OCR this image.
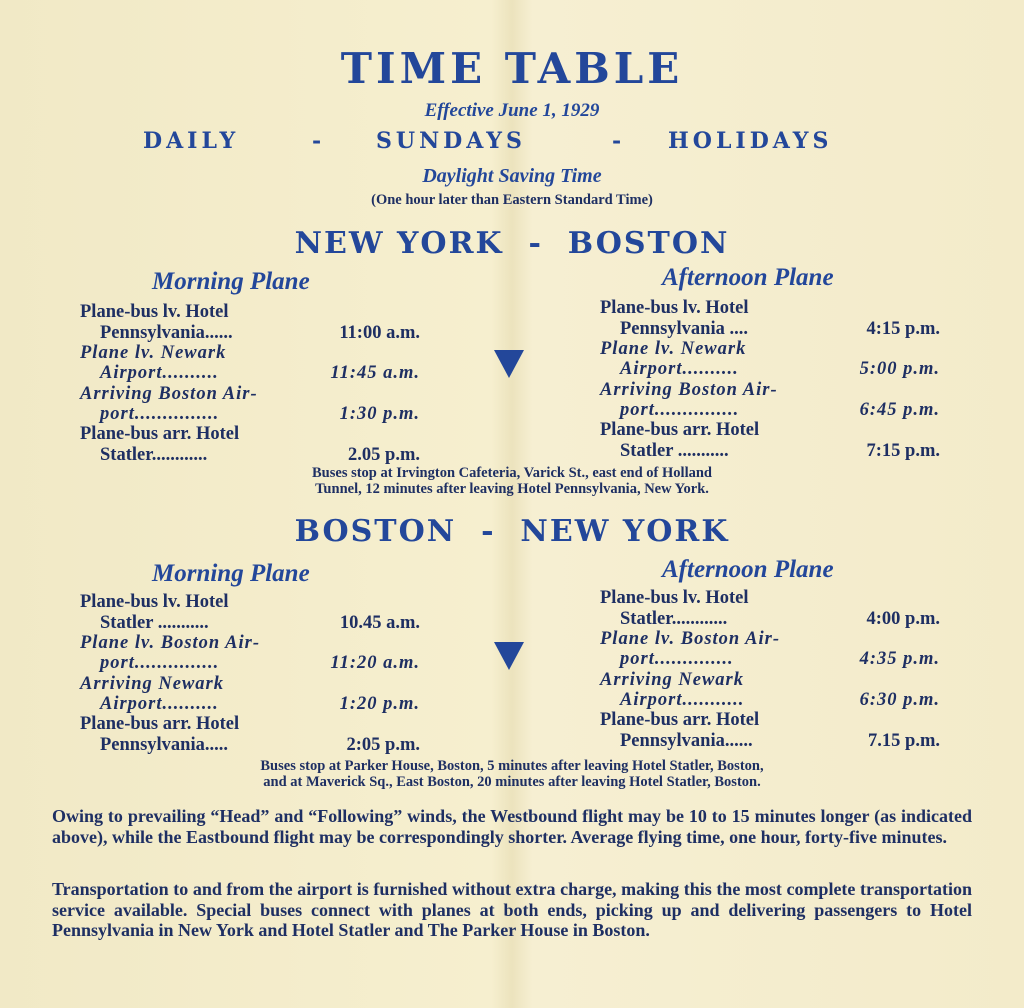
TIME TABLE
Effective June 1, 1929
DAILY	- SUNDAYS	- HOLIDAYS
Daylight Saving Time
(One hour later than Eastern Standard Time)
NEW YORK  -  BOSTON
Morning Plane
Plane-bus lv. Hotel
Pennsylvania......	11:00 a.m.
Plane lv. Newark
Airport..........	11:45 a.m.
Arriving Boston Air-
port...............	1:30 p.m.
Plane-bus arr. Hotel
Statler............	2.05 p.m.
Afternoon Plane
Plane-bus lv. Hotel
Pennsylvania ....	4:15 p.m.
Plane lv. Newark
Airport..........	5:00 p.m.
Arriving Boston Air-
port...............	6:45 p.m.
Plane-bus arr. Hotel
Statler ...........	7:15 p.m.
Buses stop at Irvington Cafeteria, Varick St., east end of Holland
Tunnel, 12 minutes after leaving Hotel Pennsylvania, New York.
BOSTON  -  NEW YORK
Morning Plane
Plane-bus lv. Hotel
Statler ...........	10.45 a.m.
Plane lv. Boston Air-
port...............	11:20 a.m.
Arriving Newark
Airport..........	1:20 p.m.
Plane-bus arr. Hotel
Pennsylvania.....	2:05 p.m.
Afternoon Plane
Plane-bus lv. Hotel
Statler............	4:00 p.m.
Plane lv. Boston Air-
port..............	4:35 p.m.
Arriving Newark
Airport...........	6:30 p.m.
Plane-bus arr. Hotel
Pennsylvania......	7.15 p.m.
Buses stop at Parker House, Boston, 5 minutes after leaving Hotel Statler, Boston,
and at Maverick Sq., East Boston, 20 minutes after leaving Hotel Statler, Boston.
Owing to prevailing “Head” and “Following” winds, the Westbound flight may be 10 to 15 minutes longer (as indicated above), while the Eastbound flight may be correspondingly shorter. Average flying time, one hour, forty-five minutes.
Transportation to and from the airport is furnished without extra charge, making this the most complete transportation service available. Special buses connect with planes at both ends, picking up and delivering passengers to Hotel Pennsylvania in New York and Hotel Statler and The Parker House in Boston.
